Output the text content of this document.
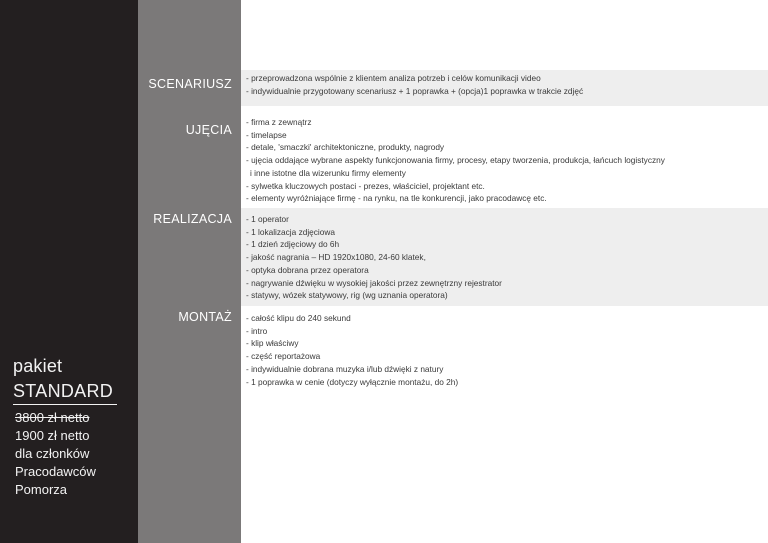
pakiet
STANDARD
3800 zł netto
1900 zł netto
dla członków
Pracodawców
Pomorza
SCENARIUSZ
UJĘCIA
REALIZACJA
MONTAŻ
- przeprowadzona wspólnie z klientem analiza potrzeb i celów komunikacji video
- indywidualnie przygotowany scenariusz + 1 poprawka + (opcja)1 poprawka w trakcie zdjęć
- firma z zewnątrz
- timelapse
- detale, 'smaczki' architektoniczne, produkty, nagrody
- ujęcia oddające wybrane aspekty funkcjonowania firmy, procesy, etapy tworzenia, produkcja, łańcuch logistyczny
i inne istotne dla wizerunku firmy elementy
- sylwetka kluczowych postaci - prezes, właściciel, projektant etc.
- elementy wyróżniające firmę - na rynku, na tle konkurencji, jako pracodawcę etc.
- 1 operator
- 1 lokalizacja zdjęciowa
- 1 dzień zdjęciowy do 6h
- jakość nagrania – HD 1920x1080, 24-60 klatek,
- optyka dobrana przez operatora
- nagrywanie dźwięku w wysokiej jakości przez zewnętrzny rejestrator
- statywy, wózek statywowy, rig (wg uznania operatora)
- całość klipu do 240 sekund
- intro
- klip właściwy
- część reportażowa
- indywidualnie dobrana muzyka i/lub dźwięki z natury
- 1 poprawka w cenie (dotyczy wyłącznie montażu, do 2h)
